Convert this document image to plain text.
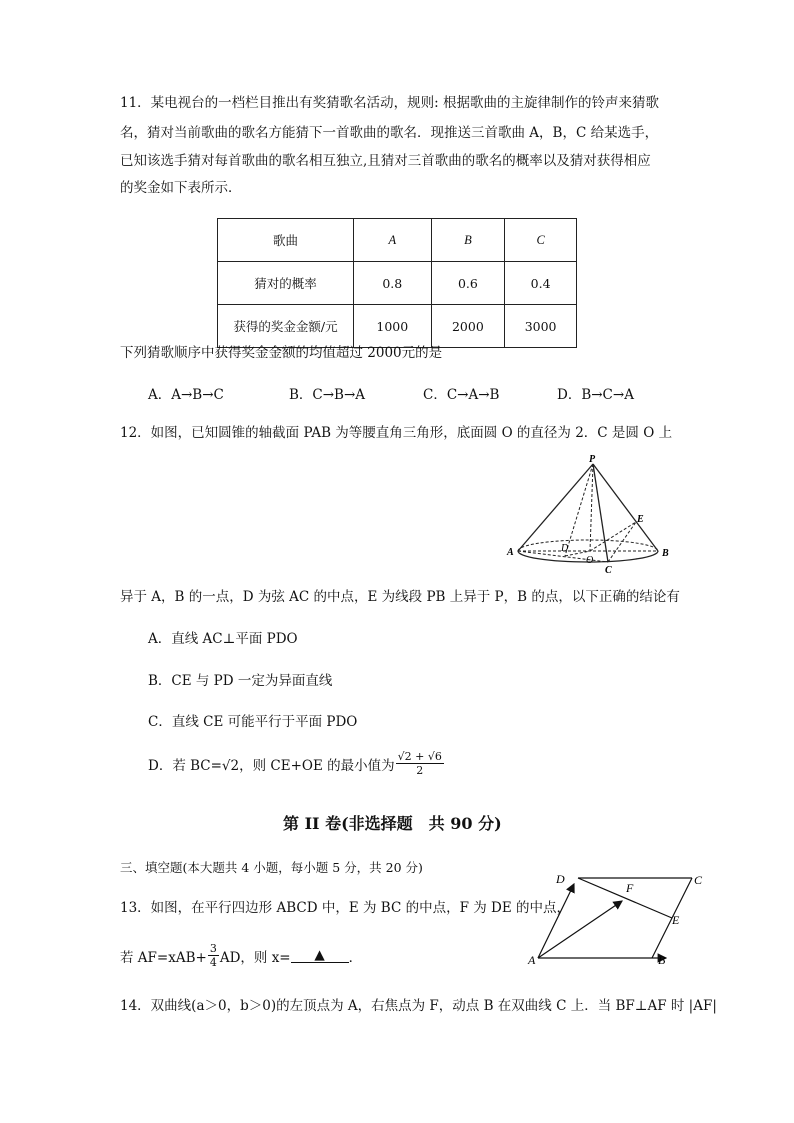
11．某电视台的一档栏目推出有奖猜歌名活动，规则: 根据歌曲的主旋律制作的铃声来猜歌
名，猜对当前歌曲的歌名方能猜下一首歌曲的歌名．现推送三首歌曲 A，B，C 给某选手，
已知该选手猜对每首歌曲的歌名相互独立,且猜对三首歌曲的歌名的概率以及猜对获得相应
的奖金如下表所示．
歌曲	A	B	C
猜对的概率	0.8	0.6	0.4
获得的奖金金额/元	1000	2000	3000
下列猜歌顺序中获得奖金金额的均值超过 2000元的是
A．A→B→C	B．C→B→A	C．C→A→B	D．B→C→A
12．如图，已知圆锥的轴截面 PAB 为等腰直角三角形，底面圆 O 的直径为 2．C 是圆 O 上
P
A	B
C
D
O
E
异于 A，B 的一点，D 为弦 AC 的中点，E 为线段 PB 上异于 P，B 的点，以下正确的结论有
A．直线 AC⊥平面 PDO
B．CE 与 PD 一定为异面直线
C．直线 CE 可能平行于平面 PDO
D．若 BC=√2，则 CE+OE 的最小值为 $\frac{√2 + √6}{2}$
第 II 卷(非选择题　共 90 分)
三、填空题(本大题共 4 小题，每小题 5 分，共 20 分)
13．如图，在平行四边形 ABCD 中，E 为 BC 的中点，F 为 DE 的中点，
若 $AF=xAB+ \frac{3}{4}$ AD，则 x=	▲	．	A	B
C
D
E
F
14．双曲线(a＞0，b＞0)的左顶点为 A，右焦点为 F，动点 B 在双曲线 C 上．当 BF⊥AF 时 |AF|
